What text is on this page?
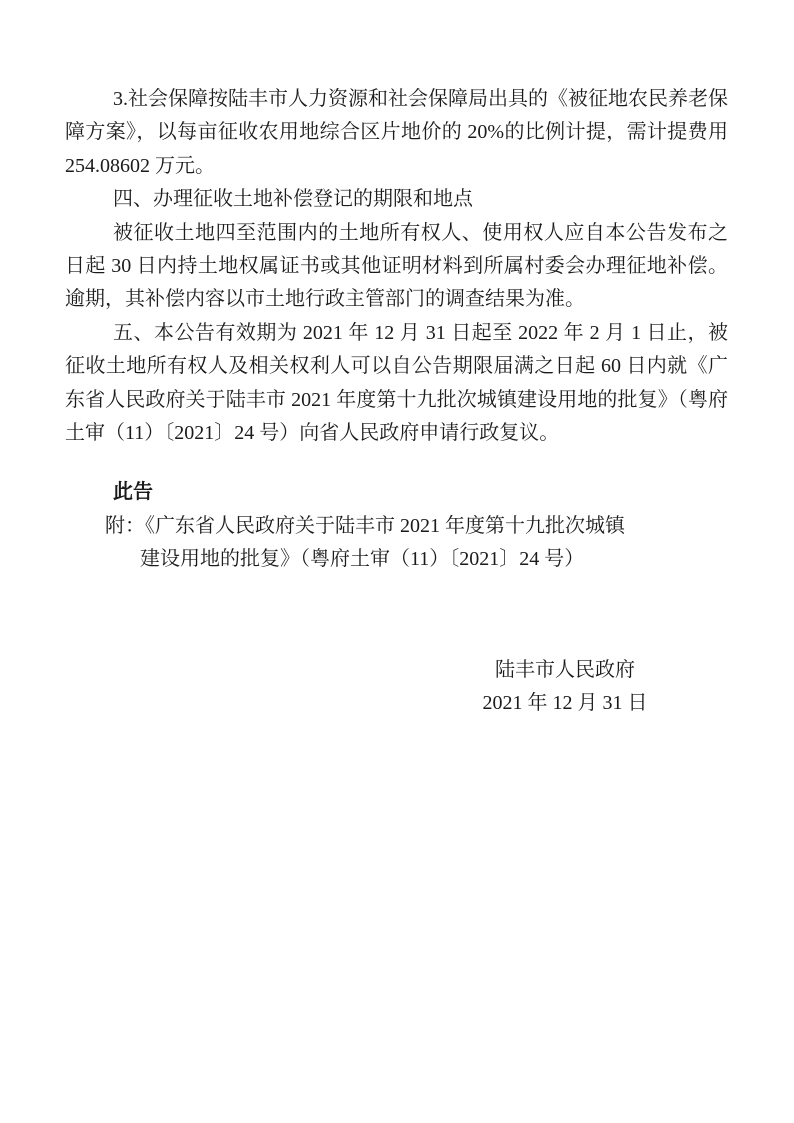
3.社会保障按陆丰市人力资源和社会保障局出具的《被征地农民养老保障方案》，以每亩征收农用地综合区片地价的 20%的比例计提，需计提费用 254.08602 万元。

四、办理征收土地补偿登记的期限和地点

被征收土地四至范围内的土地所有权人、使用权人应自本公告发布之日起 30 日内持土地权属证书或其他证明材料到所属村委会办理征地补偿。逾期，其补偿内容以市土地行政主管部门的调查结果为准。

五、本公告有效期为 2021 年 12 月 31 日起至 2022 年 2 月 1 日止，被征收土地所有权人及相关权利人可以自公告期限届满之日起 60 日内就《广东省人民政府关于陆丰市 2021 年度第十九批次城镇建设用地的批复》（粤府土审（11）〔2021〕24 号）向省人民政府申请行政复议。

此告

附：《广东省人民政府关于陆丰市 2021 年度第十九批次城镇
建设用地的批复》（粤府土审（11）〔2021〕24 号）
陆丰市人民政府
2021 年 12 月 31 日
